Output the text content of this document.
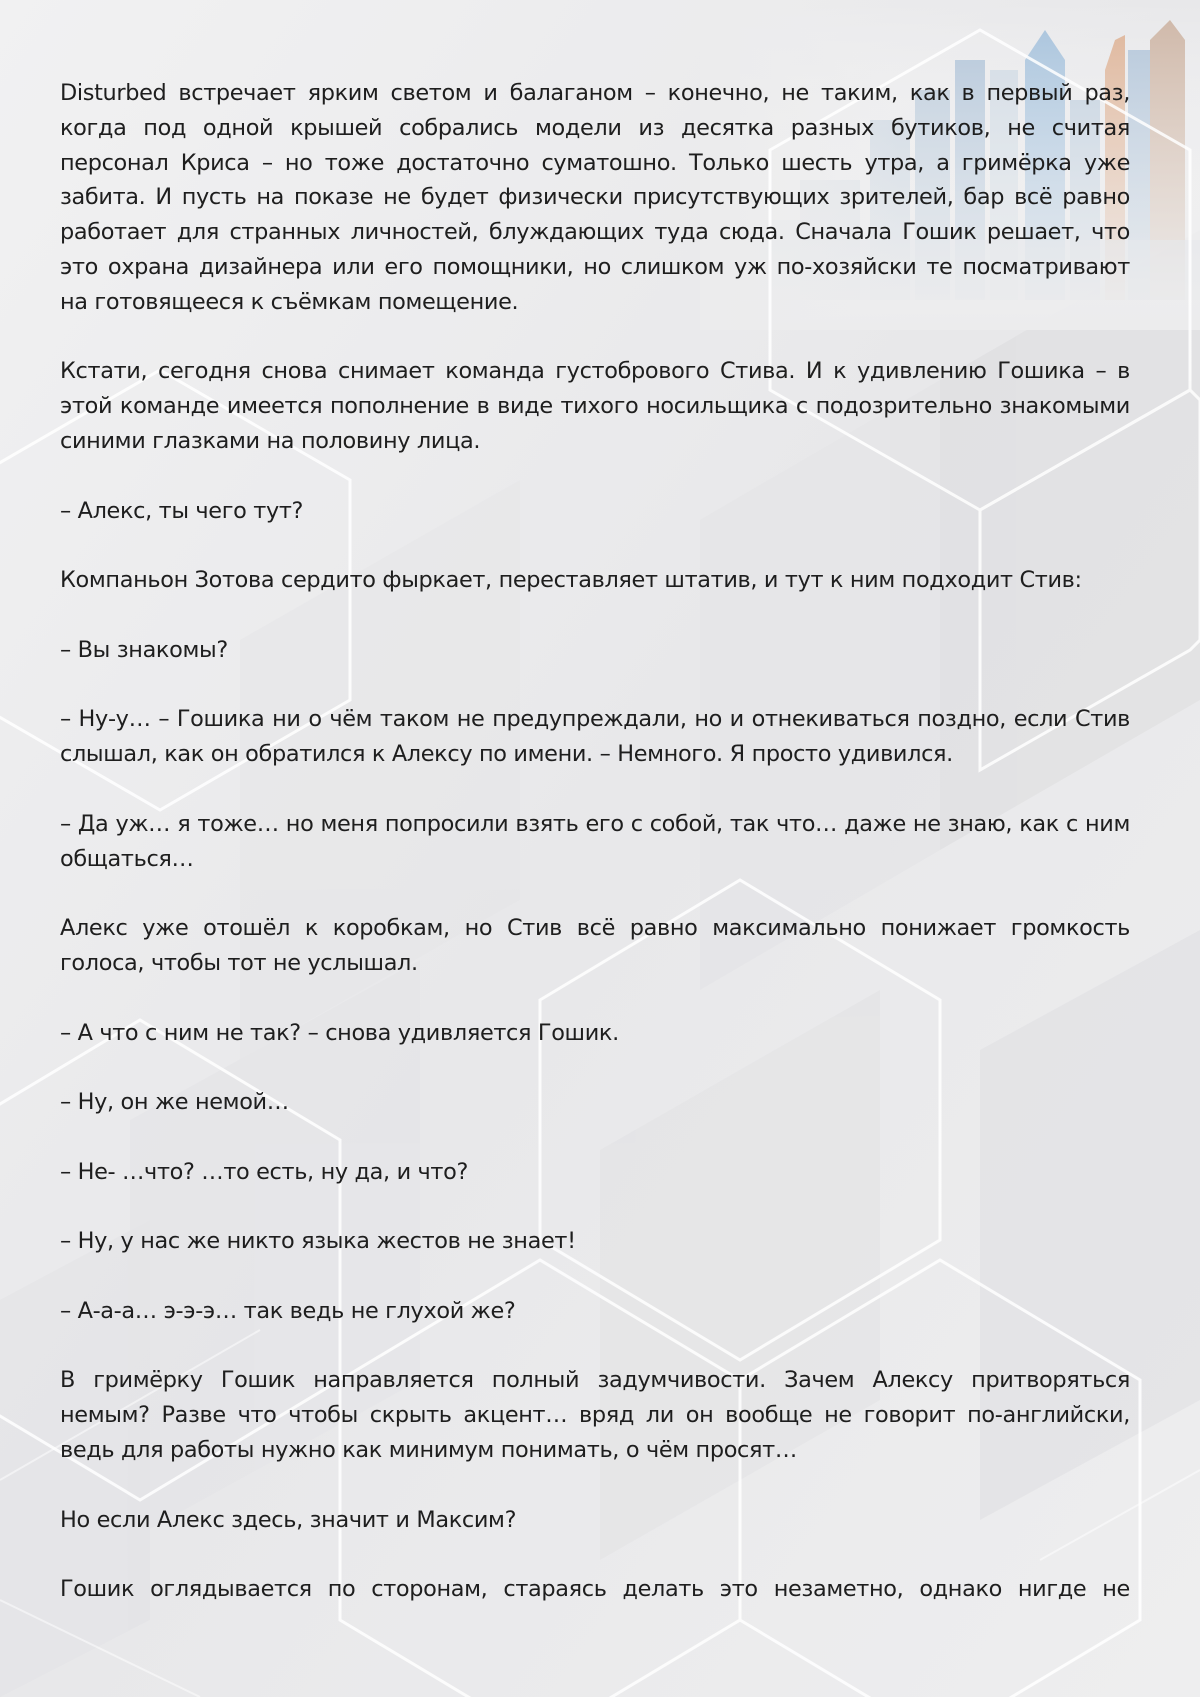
Disturbed встречает ярким светом и балаганом – конечно, не таким, как в первый раз, когда под одной крышей собрались модели из десятка разных бутиков, не считая персонал Криса – но тоже достаточно суматошно. Только шесть утра, а гримёрка уже забита. И пусть на показе не будет физически присутствующих зрителей, бар всё равно работает для странных личностей, блуждающих туда сюда. Сначала Гошик решает, что это охрана дизайнера или его помощники, но слишком уж по-хозяйски те посматривают на готовящееся к съёмкам помещение.

Кстати, сегодня снова снимает команда густобрового Стива. И к удивлению Гошика – в этой команде имеется пополнение в виде тихого носильщика с подозрительно знакомыми синими глазками на половину лица.

– Алекс, ты чего тут?

Компаньон Зотова сердито фыркает, переставляет штатив, и тут к ним подходит Стив:

– Вы знакомы?

– Ну-у… – Гошика ни о чём таком не предупреждали, но и отнекиваться поздно, если Стив слышал, как он обратился к Алексу по имени. – Немного. Я просто удивился.

– Да уж… я тоже… но меня попросили взять его с собой, так что… даже не знаю, как с ним общаться…

Алекс уже отошёл к коробкам, но Стив всё равно максимально понижает громкость голоса, чтобы тот не услышал.

– А что с ним не так? – снова удивляется Гошик.

– Ну, он же немой…

– Не- …что? …то есть, ну да, и что?

– Ну, у нас же никто языка жестов не знает!

– А-а-а… э-э-э… так ведь не глухой же?

В гримёрку Гошик направляется полный задумчивости. Зачем Алексу притворяться немым? Разве что чтобы скрыть акцент… вряд ли он вообще не говорит по-английски, ведь для работы нужно как минимум понимать, о чём просят…

Но если Алекс здесь, значит и Максим?

Гошик оглядывается по сторонам, стараясь делать это незаметно, однако нигде не
